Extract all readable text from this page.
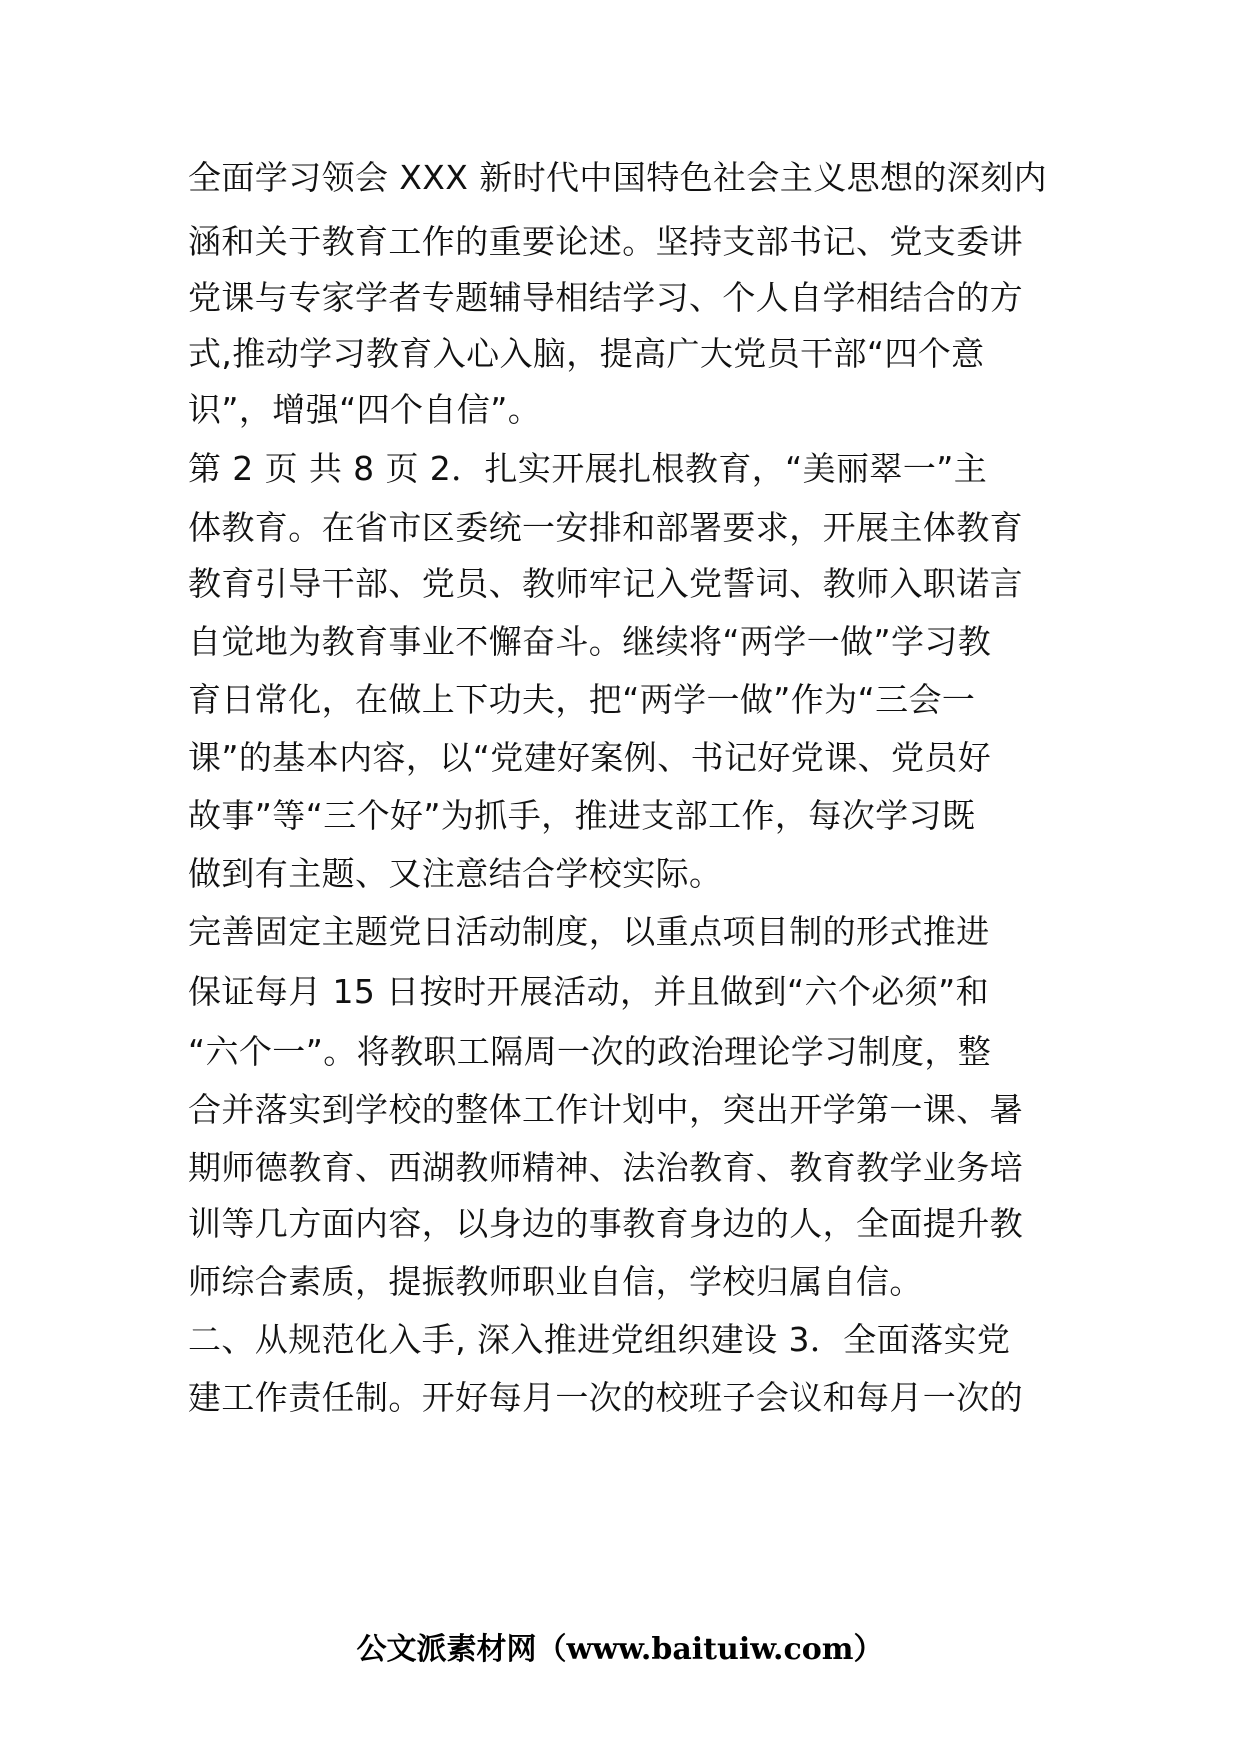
全面学习领会 XXX 新时代中国特色社会主义思想的深刻内
涵和关于教育工作的重要论述。坚持支部书记、党支委讲
党课与专家学者专题辅导相结学习、个人自学相结合的方
式,推动学习教育入心入脑，提高广大党员干部“四个意
识”，增强“四个自信”。
第 2 页 共 8 页 2．扎实开展扎根教育，“美丽翠一”主
体教育。在省市区委统一安排和部署要求，开展主体教育
教育引导干部、党员、教师牢记入党誓词、教师入职诺言
自觉地为教育事业不懈奋斗。继续将“两学一做”学习教
育日常化，在做上下功夫，把“两学一做”作为“三会一
课”的基本内容，以“党建好案例、书记好党课、党员好
故事”等“三个好”为抓手，推进支部工作，每次学习既
做到有主题、又注意结合学校实际。
完善固定主题党日活动制度，以重点项目制的形式推进
保证每月 15 日按时开展活动，并且做到“六个必须”和
“六个一”。将教职工隔周一次的政治理论学习制度，整
合并落实到学校的整体工作计划中，突出开学第一课、暑
期师德教育、西湖教师精神、法治教育、教育教学业务培
训等几方面内容，以身边的事教育身边的人，全面提升教
师综合素质，提振教师职业自信，学校归属自信。
二、从规范化入手, 深入推进党组织建设 3．全面落实党
建工作责任制。开好每月一次的校班子会议和每月一次的
公文派素材网（www.baituiw.com）
